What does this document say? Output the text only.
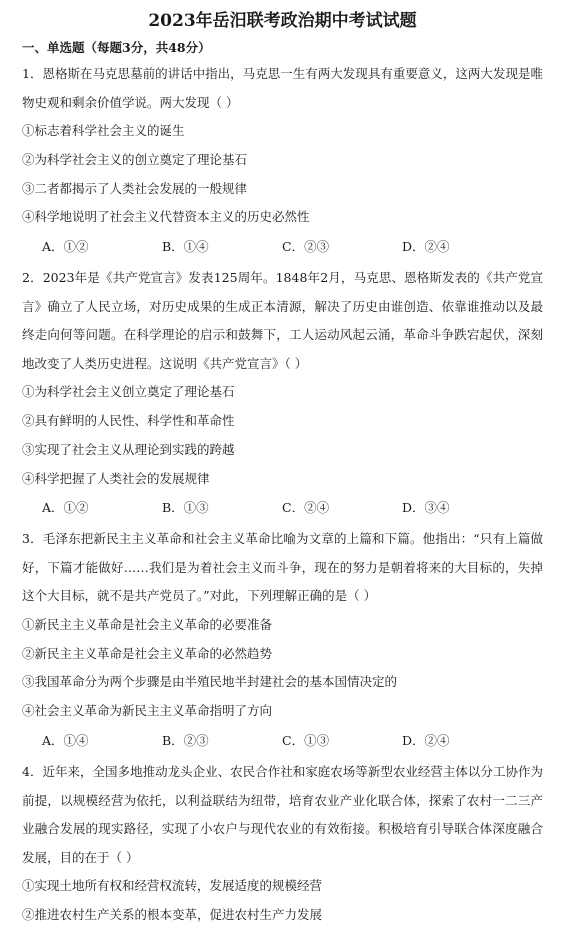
2023年岳汨联考政治期中考试试题
一、单选题（每题3分，共48分）
1．恩格斯在马克思墓前的讲话中指出，马克思一生有两大发现具有重要意义，这两大发现是唯物史观和剩余价值学说。两大发现（ ）
①标志着科学社会主义的诞生
②为科学社会主义的创立奠定了理论基石
③二者都揭示了人类社会发展的一般规律
④科学地说明了社会主义代替资本主义的历史必然性
A．①②	B．①④	C．②③	D．②④
2．2023年是《共产党宣言》发表125周年。1848年2月，马克思、恩格斯发表的《共产党宣言》确立了人民立场，对历史成果的生成正本清源，解决了历史由谁创造、依靠谁推动以及最终走向何等问题。在科学理论的启示和鼓舞下，工人运动风起云涌，革命斗争跌宕起伏，深刻地改变了人类历史进程。这说明《共产党宣言》（ ）
①为科学社会主义创立奠定了理论基石
②具有鲜明的人民性、科学性和革命性
③实现了社会主义从理论到实践的跨越
④科学把握了人类社会的发展规律
A．①②	B．①③	C．②④	D．③④
3．毛泽东把新民主主义革命和社会主义革命比喻为文章的上篇和下篇。他指出：“只有上篇做好，下篇才能做好……我们是为着社会主义而斗争，现在的努力是朝着将来的大目标的，失掉这个大目标，就不是共产党员了。”对此，下列理解正确的是（ ）
①新民主主义革命是社会主义革命的必要准备
②新民主主义革命是社会主义革命的必然趋势
③我国革命分为两个步骤是由半殖民地半封建社会的基本国情决定的
④社会主义革命为新民主主义革命指明了方向
A．①④	B．②③	C．①③	D．②④
4．近年来，全国多地推动龙头企业、农民合作社和家庭农场等新型农业经营主体以分工协作为前提，以规模经营为依托，以利益联结为纽带，培育农业产业化联合体，探索了农村一二三产业融合发展的现实路径，实现了小农户与现代农业的有效衔接。积极培育引导联合体深度融合发展，目的在于（ ）
①实现土地所有权和经营权流转，发展适度的规模经营
②推进农村生产关系的根本变革，促进农村生产力发展
